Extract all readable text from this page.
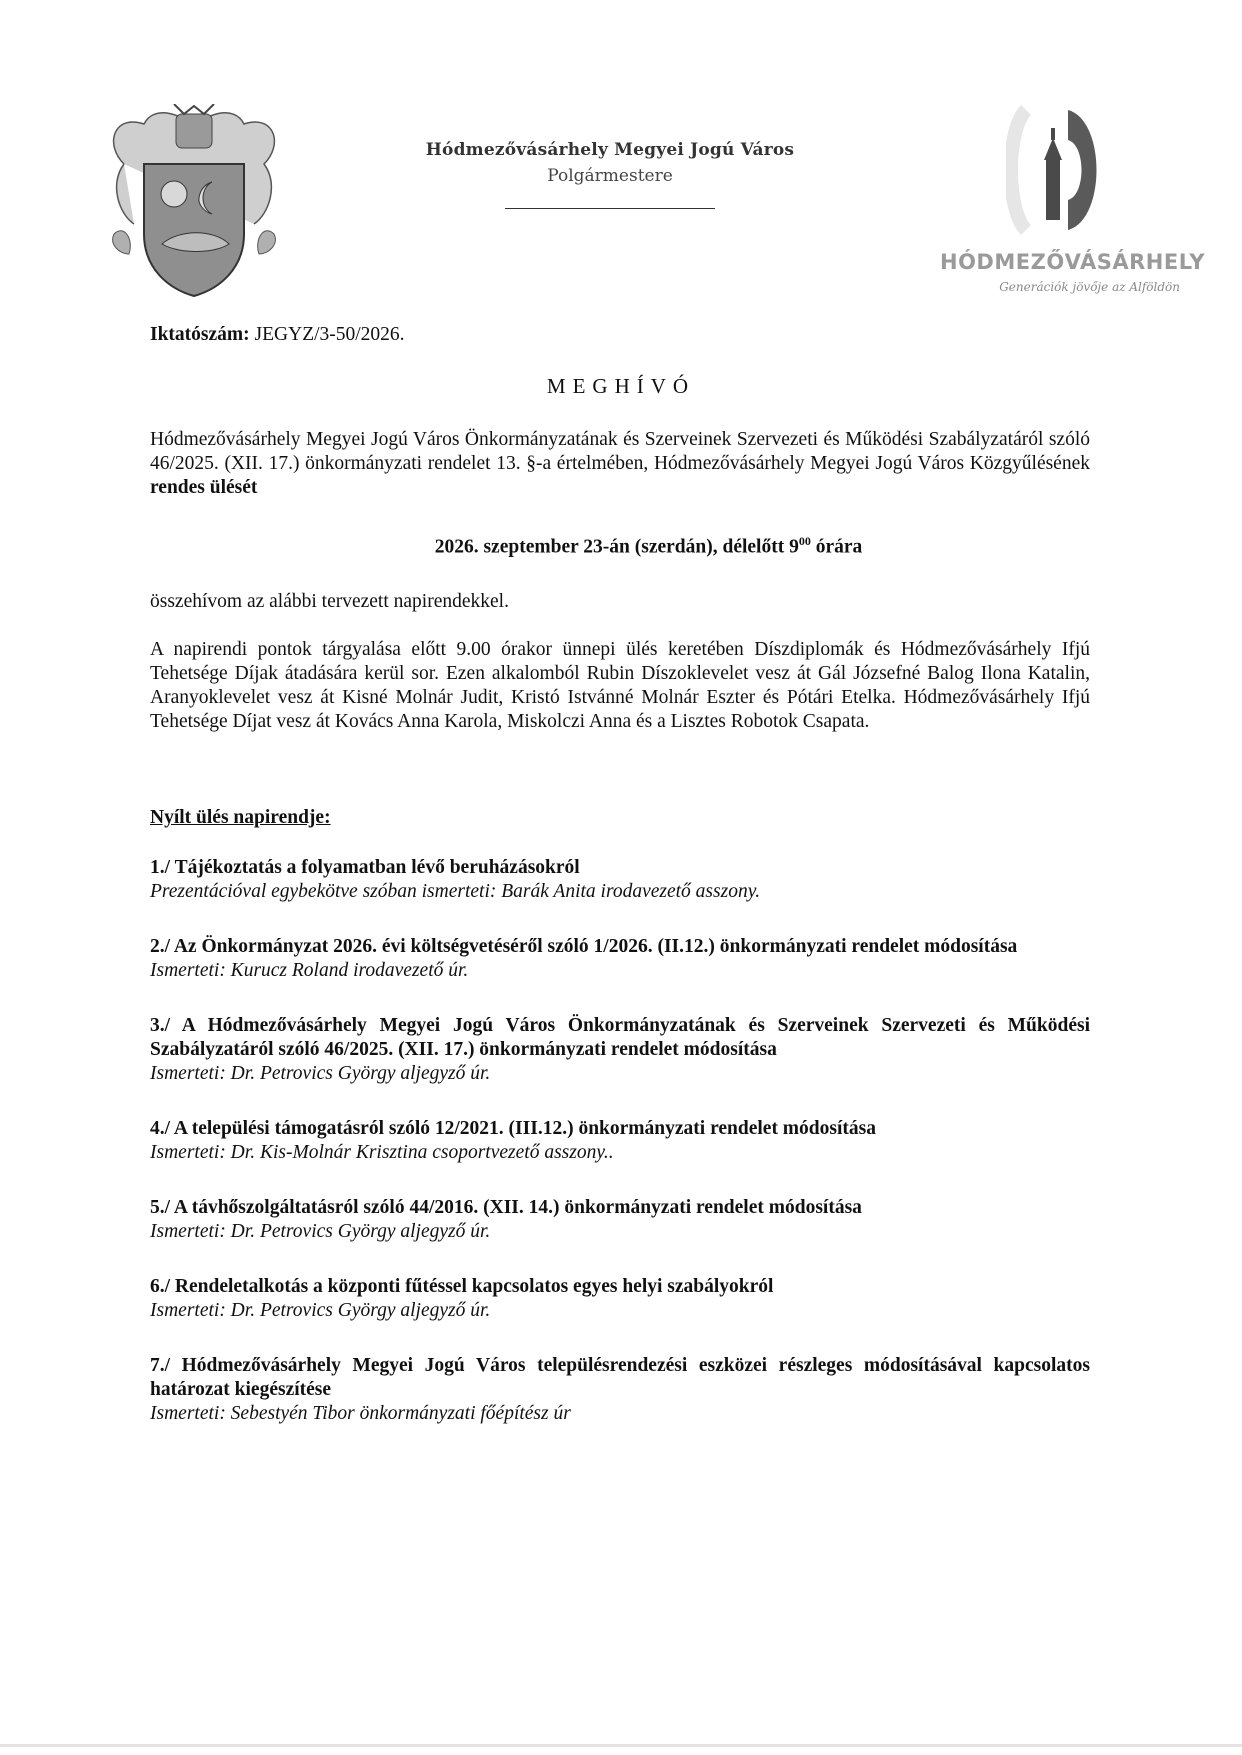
Hódmezővásárhely Megyei Jogú Város
Polgármestere
HÓDMEZŐVÁSÁRHELY
Generációk jövője az Alföldön
Iktatószám: JEGYZ/3-50/2026.
MEGHÍVÓ
Hódmezővásárhely Megyei Jogú Város Önkormányzatának és Szerveinek Szervezeti és Működési Szabályzatáról szóló 46/2025. (XII. 17.) önkormányzati rendelet 13. §-a értelmében, Hódmezővásárhely Megyei Jogú Város Közgyűlésének rendes ülését
2026. szeptember 23-án (szerdán), délelőtt $9^{00}$ órára
összehívom az alábbi tervezett napirendekkel.
A napirendi pontok tárgyalása előtt 9.00 órakor ünnepi ülés keretében Díszdiplomák és Hódmezővásárhely Ifjú Tehetsége Díjak átadására kerül sor. Ezen alkalomból Rubin Díszoklevelet vesz át Gál Józsefné Balog Ilona Katalin, Aranyoklevelet vesz át Kisné Molnár Judit, Kristó Istvánné Molnár Eszter és Pótári Etelka. Hódmezővásárhely Ifjú Tehetsége Díjat vesz át Kovács Anna Karola, Miskolczi Anna és a Lisztes Robotok Csapata.
Nyílt ülés napirendje:
1./ Tájékoztatás a folyamatban lévő beruházásokról
Prezentációval egybekötve szóban ismerteti: Barák Anita irodavezető asszony.
2./ Az Önkormányzat 2026. évi költségvetéséről szóló 1/2026. (II.12.) önkormányzati rendelet módosítása
Ismerteti: Kurucz Roland irodavezető úr.
3./ A Hódmezővásárhely Megyei Jogú Város Önkormányzatának és Szerveinek Szervezeti és Működési Szabályzatáról szóló 46/2025. (XII. 17.) önkormányzati rendelet módosítása
Ismerteti: Dr. Petrovics György aljegyző úr.
4./ A települési támogatásról szóló 12/2021. (III.12.) önkormányzati rendelet módosítása
Ismerteti: Dr. Kis-Molnár Krisztina csoportvezető asszony..
5./ A távhőszolgáltatásról szóló 44/2016. (XII. 14.) önkormányzati rendelet módosítása
Ismerteti: Dr. Petrovics György aljegyző úr.
6./ Rendeletalkotás a központi fűtéssel kapcsolatos egyes helyi szabályokról
Ismerteti: Dr. Petrovics György aljegyző úr.
7./ Hódmezővásárhely Megyei Jogú Város településrendezési eszközei részleges módosításával kapcsolatos határozat kiegészítése
Ismerteti: Sebestyén Tibor önkormányzati főépítész úr
